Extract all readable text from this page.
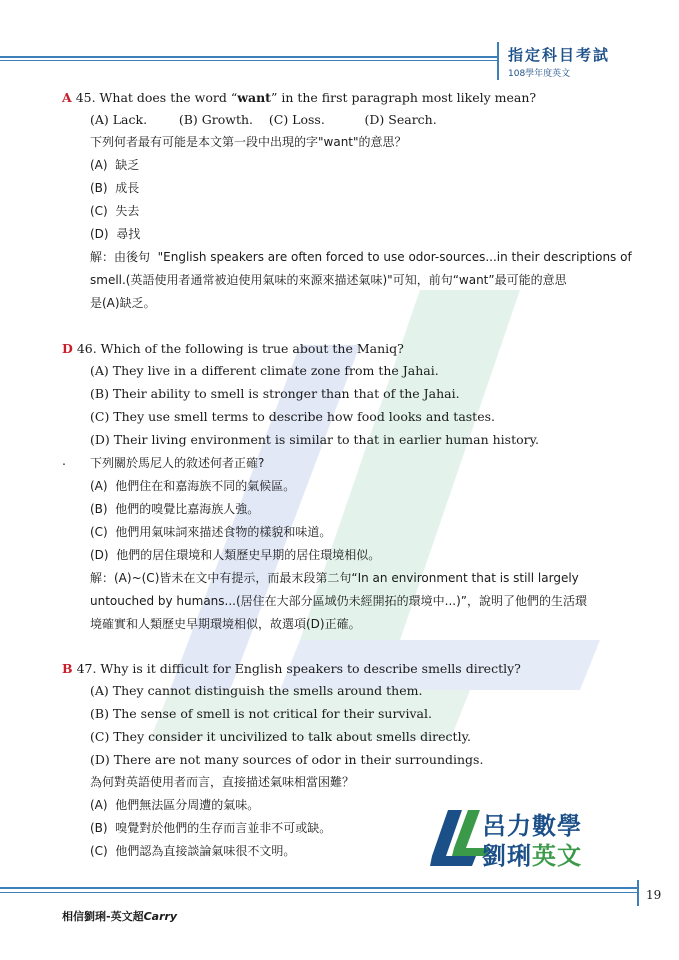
指定科目考試
108學年度英文
A 45. What does the word “want” in the first paragraph most likely mean?
(A) Lack.        (B) Growth.    (C) Loss.          (D) Search.
下列何者最有可能是本文第一段中出現的字"want"的意思？
(A)  缺乏
(B)  成長
(C)  失去
(D)  尋找
解：由後句  "English speakers are often forced to use odor-sources...in their descriptions of
smell.(英語使用者通常被迫使用氣味的來源來描述氣味)"可知，前句“want”最可能的意思
是(A)缺乏。
D 46. Which of the following is true about the Maniq?
(A) They live in a different climate zone from the Jahai.
(B) Their ability to smell is stronger than that of the Jahai.
(C) They use smell terms to describe how food looks and tastes.
(D) Their living environment is similar to that in earlier human history.
. 下列關於馬尼人的敘述何者正確?
(A)  他們住在和嘉海族不同的氣候區。
(B)  他們的嗅覺比嘉海族人強。
(C)  他們用氣味詞來描述食物的樣貌和味道。
(D)  他們的居住環境和人類歷史早期的居住環境相似。
解：(A)~(C)皆未在文中有提示，而最末段第二句“In an environment that is still largely
untouched by humans...(居住在大部分區域仍未經開拓的環境中...)”，說明了他們的生活環
境確實和人類歷史早期環境相似，故選項(D)正確。
B 47. Why is it difficult for English speakers to describe smells directly?
(A) They cannot distinguish the smells around them.
(B) The sense of smell is not critical for their survival.
(C) They consider it uncivilized to talk about smells directly.
(D) There are not many sources of odor in their surroundings.
為何對英語使用者而言，直接描述氣味相當困難？
(A)  他們無法區分周遭的氣味。
(B)  嗅覺對於他們的生存而言並非不可或缺。
(C)  他們認為直接談論氣味很不文明。
呂力數學
劉琍英文
19
相信劉琍-英文超Carry
